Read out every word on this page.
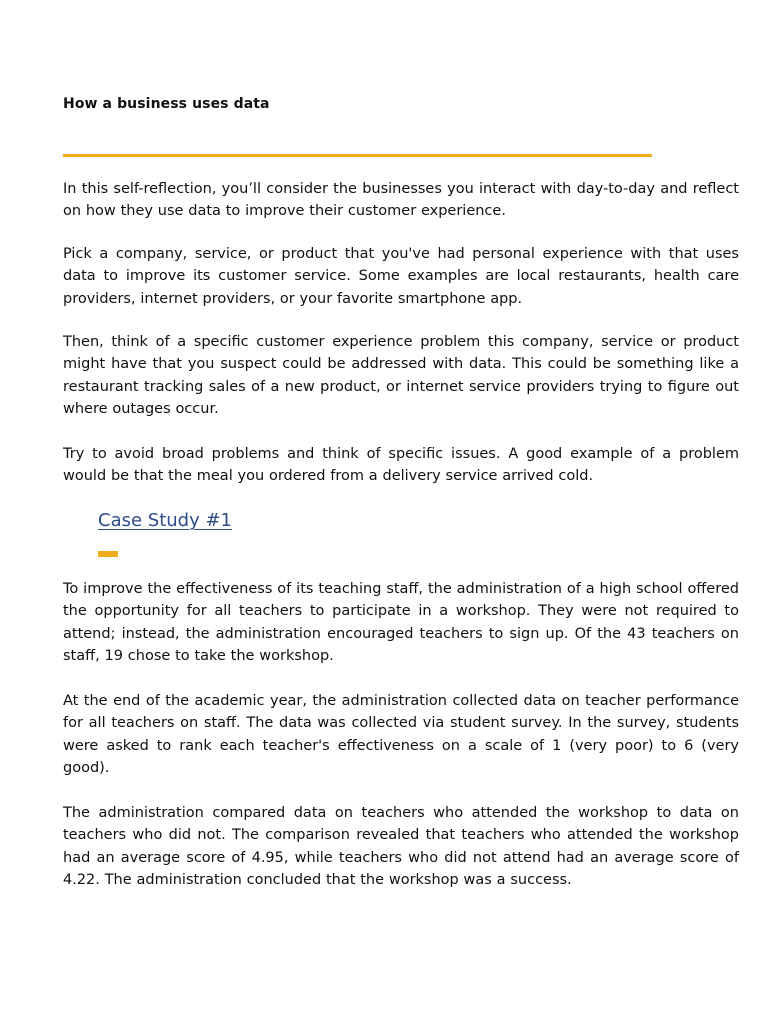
How a business uses data

In this self-reflection, you’ll consider the businesses you interact with day-to-day and reflect on how they use data to improve their customer experience.

Pick a company, service, or product that you've had personal experience with that uses data to improve its customer service. Some examples are local restaurants, health care providers, internet providers, or your favorite smartphone app.

Then, think of a specific customer experience problem this company, service or product might have that you suspect could be addressed with data. This could be something like a restaurant tracking sales of a new product, or internet service providers trying to figure out where outages occur.

Try to avoid broad problems and think of specific issues. A good example of a problem would be that the meal you ordered from a delivery service arrived cold.

Case Study #1

To improve the effectiveness of its teaching staff, the administration of a high school offered the opportunity for all teachers to participate in a workshop. They were not required to attend; instead, the administration encouraged teachers to sign up. Of the 43 teachers on staff, 19 chose to take the workshop.

At the end of the academic year, the administration collected data on teacher performance for all teachers on staff. The data was collected via student survey. In the survey, students were asked to rank each teacher's effectiveness on a scale of 1 (very poor) to 6 (very good).

The administration compared data on teachers who attended the workshop to data on teachers who did not. The comparison revealed that teachers who attended the workshop had an average score of 4.95, while teachers who did not attend had an average score of 4.22. The administration concluded that the workshop was a success.
